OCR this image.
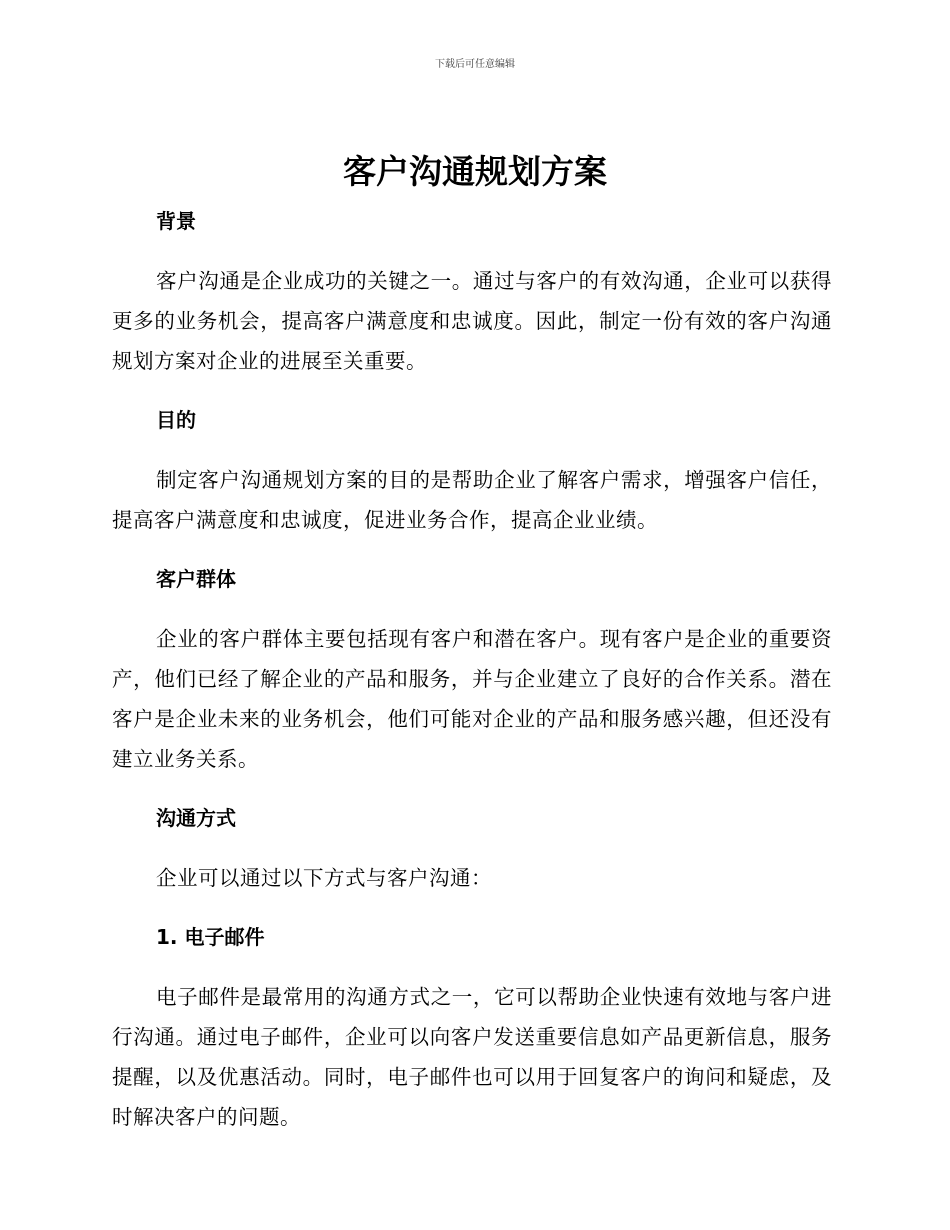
下载后可任意编辑
客户沟通规划方案
背景

客户沟通是企业成功的关键之一。通过与客户的有效沟通，企业可以获得更多的业务机会，提高客户满意度和忠诚度。因此，制定一份有效的客户沟通规划方案对企业的进展至关重要。

目的

制定客户沟通规划方案的目的是帮助企业了解客户需求，增强客户信任，提高客户满意度和忠诚度，促进业务合作，提高企业业绩。

客户群体

企业的客户群体主要包括现有客户和潜在客户。现有客户是企业的重要资产，他们已经了解企业的产品和服务，并与企业建立了良好的合作关系。潜在客户是企业未来的业务机会，他们可能对企业的产品和服务感兴趣，但还没有建立业务关系。

沟通方式

企业可以通过以下方式与客户沟通：

1. 电子邮件

电子邮件是最常用的沟通方式之一，它可以帮助企业快速有效地与客户进行沟通。通过电子邮件，企业可以向客户发送重要信息如产品更新信息，服务提醒，以及优惠活动。同时，电子邮件也可以用于回复客户的询问和疑虑，及时解决客户的问题。
